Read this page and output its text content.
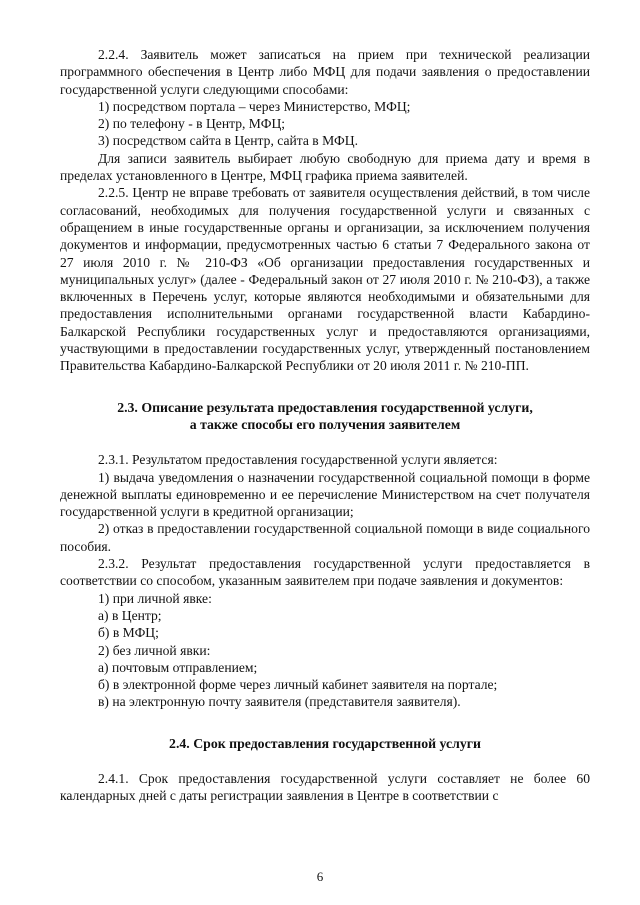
2.2.4. Заявитель может записаться на прием при технической реализации программного обеспечения в Центр либо МФЦ для подачи заявления о предоставлении государственной услуги следующими способами:

1) посредством портала – через Министерство, МФЦ;

2) по телефону - в Центр, МФЦ;

3) посредством сайта в Центр, сайта в МФЦ.

Для записи заявитель выбирает любую свободную для приема дату и время в пределах установленного в Центре, МФЦ графика приема заявителей.

2.2.5. Центр не вправе требовать от заявителя осуществления действий, в том числе согласований, необходимых для получения государственной услуги и связанных с обращением в иные государственные органы и организации, за исключением получения документов и информации, предусмотренных частью 6 статьи 7 Федерального закона от 27 июля 2010 г. № 210-ФЗ «Об организации предоставления государственных и муниципальных услуг» (далее - Федеральный закон от 27 июля 2010 г. № 210-ФЗ), а также включенных в Перечень услуг, которые являются необходимыми и обязательными для предоставления исполнительными органами государственной власти Кабардино-Балкарской Республики государственных услуг и предоставляются организациями, участвующими в предоставлении государственных услуг, утвержденный постановлением Правительства Кабардино-Балкарской Республики от 20 июля 2011 г. № 210-ПП.

2.3. Описание результата предоставления государственной услуги,

а также способы его получения заявителем

2.3.1. Результатом предоставления государственной услуги является:

1) выдача уведомления о назначении государственной социальной помощи в форме денежной выплаты единовременно и ее перечисление Министерством на счет получателя государственной услуги в кредитной организации;

2) отказ в предоставлении государственной социальной помощи в виде социального пособия.

2.3.2. Результат предоставления государственной услуги предоставляется в соответствии со способом, указанным заявителем при подаче заявления и документов:

1) при личной явке:

а) в Центр;

б) в МФЦ;

2) без личной явки:

а) почтовым отправлением;

б) в электронной форме через личный кабинет заявителя на портале;

в) на электронную почту заявителя (представителя заявителя).

2.4. Срок предоставления государственной услуги

2.4.1. Срок предоставления государственной услуги составляет не более 60 календарных дней с даты регистрации заявления в Центре в соответствии с

6
